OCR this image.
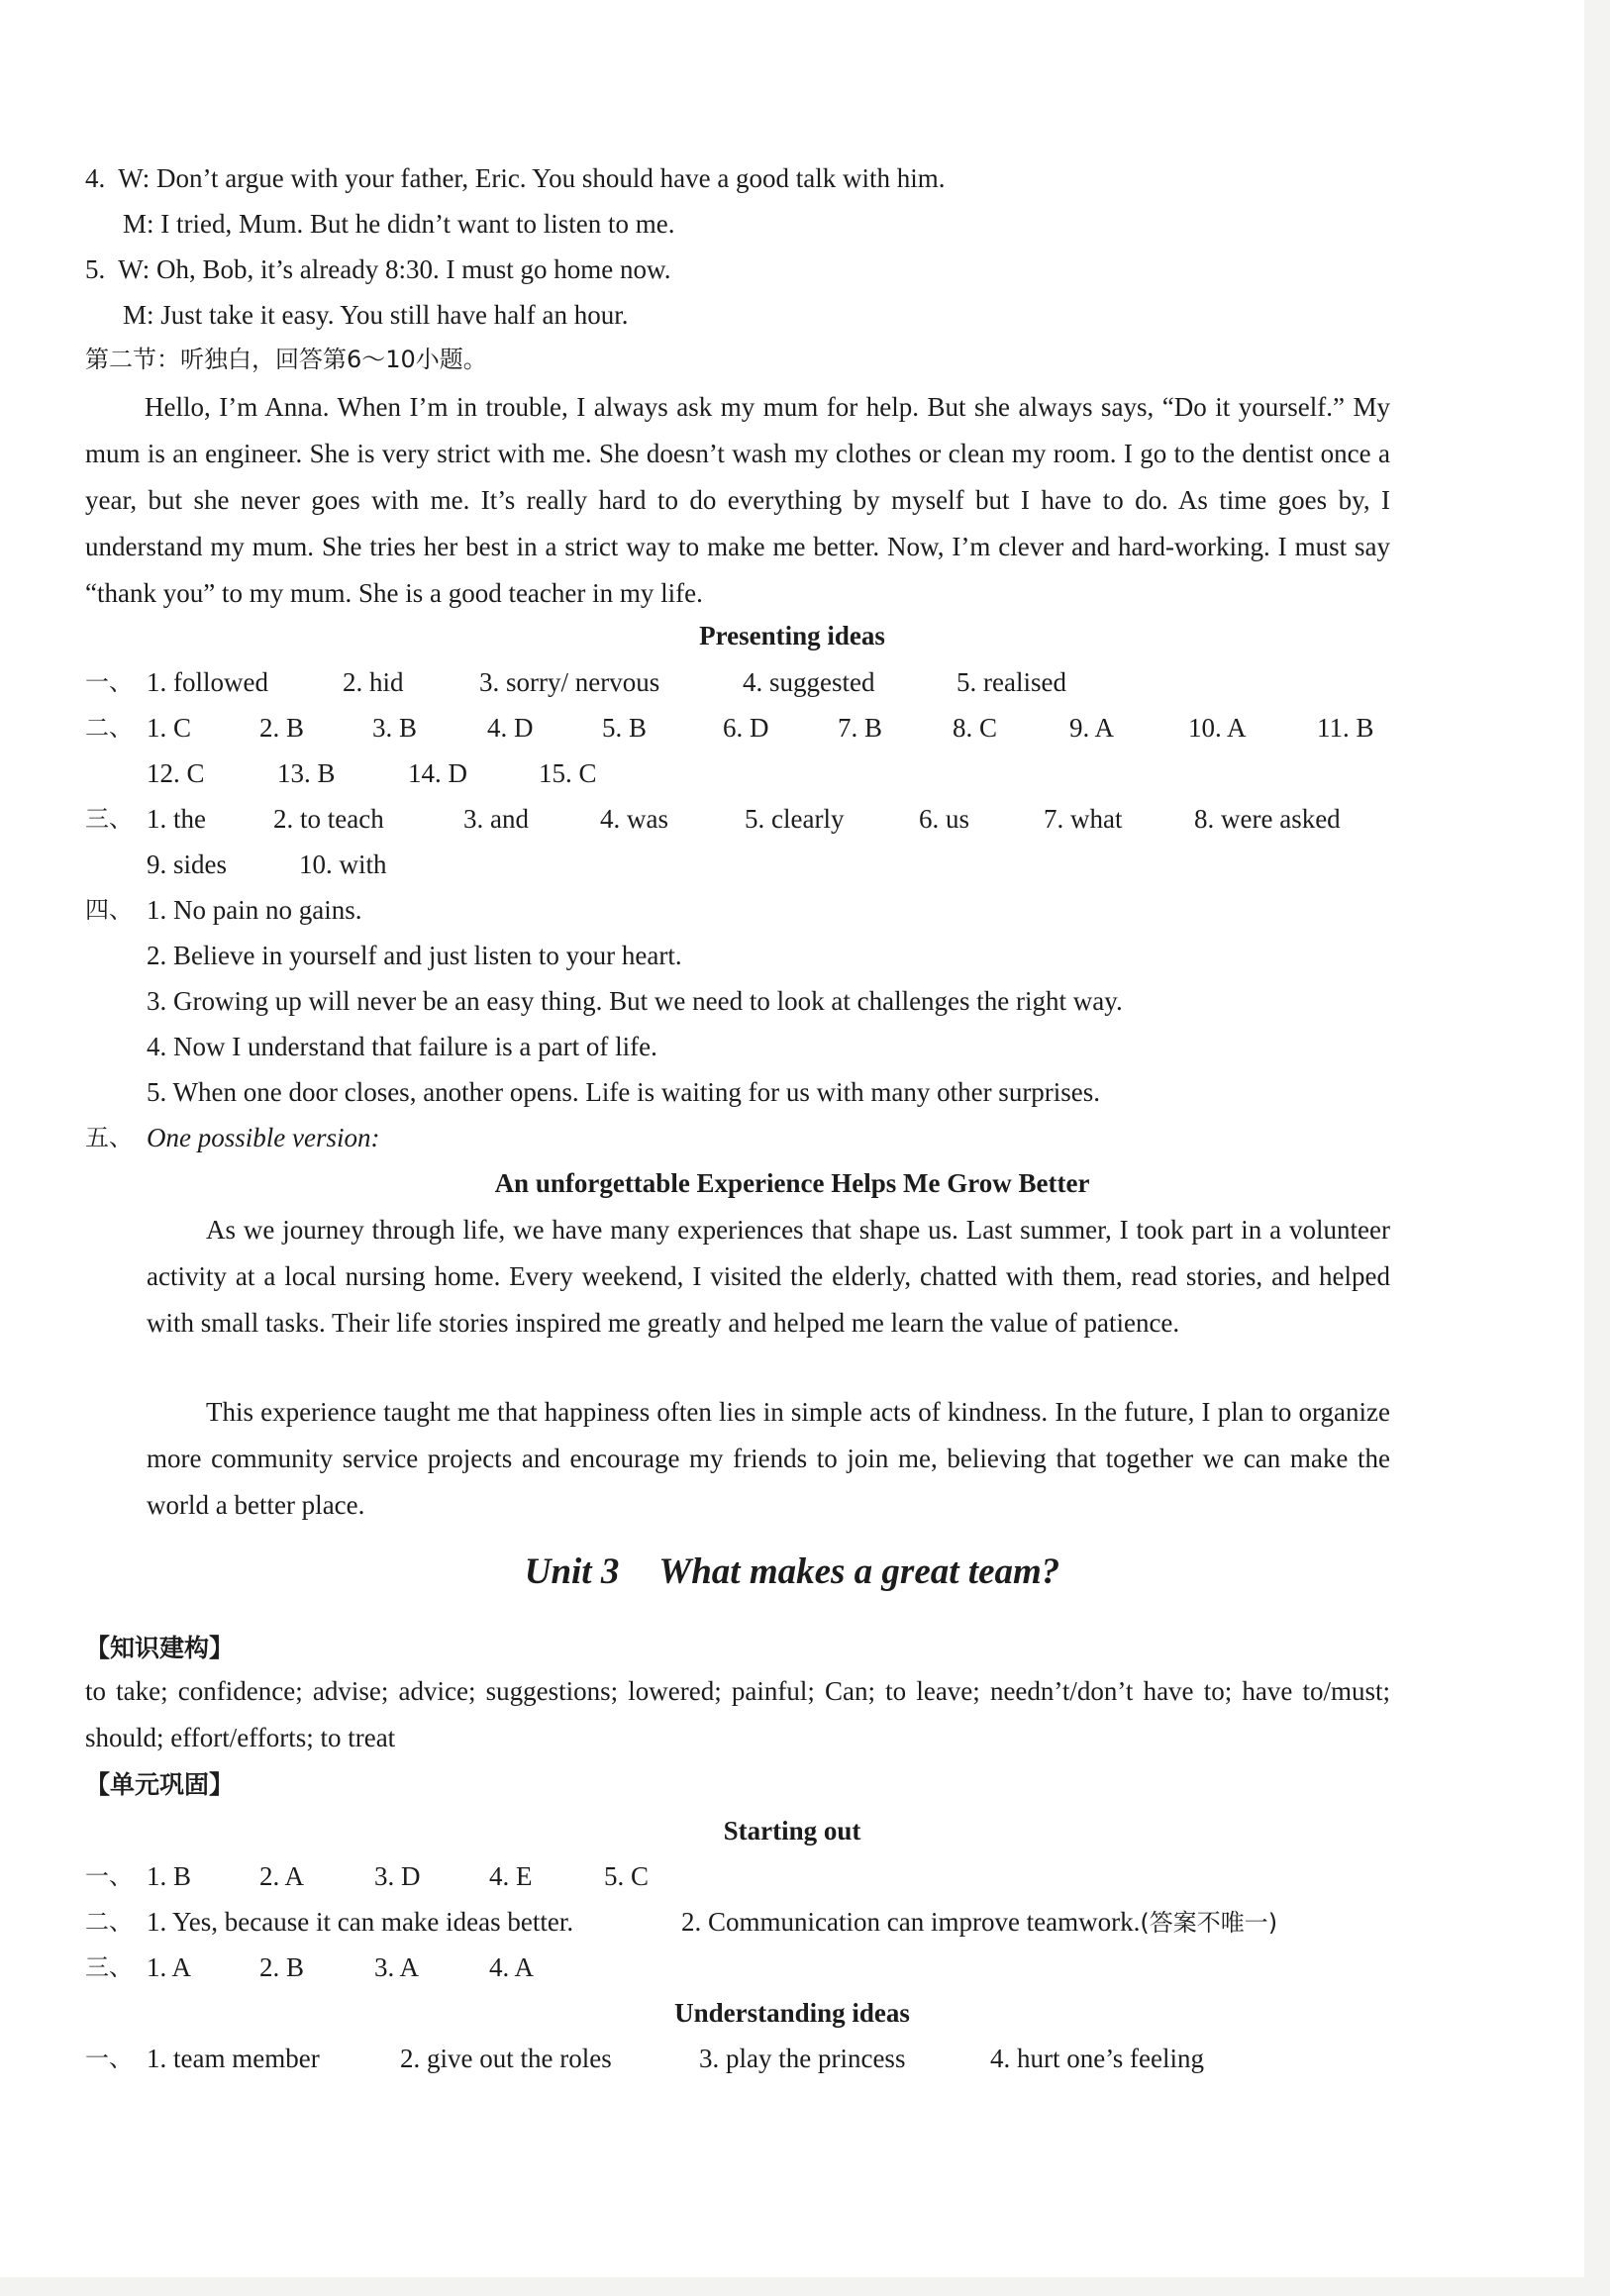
4. W: Don’t argue with your father, Eric. You should have a good talk with him.
M: I tried, Mum. But he didn’t want to listen to me.
5. W: Oh, Bob, it’s already 8:30. I must go home now.
M: Just take it easy. You still have half an hour.
第二节：听独白，回答第6～10小题。
Hello, I’m Anna. When I’m in trouble, I always ask my mum for help. But she always says, “Do it yourself.” My mum is an engineer. She is very strict with me. She doesn’t wash my clothes or clean my room. I go to the dentist once a year, but she never goes with me. It’s really hard to do everything by myself but I have to do. As time goes by, I understand my mum. She tries her best in a strict way to make me better. Now, I’m clever and hard-working. I must say “thank you” to my mum. She is a good teacher in my life.
Presenting ideas
一、 1. followed	2. hid	3. sorry/ nervous	4. suggested	5. realised
二、 1. C	2. B	3. B	4. D	5. B	6. D	7. B	8. C	9. A	10. A	11. B
12. C	13. B	14. D	15. C
三、 1. the	2. to teach	3. and	4. was	5. clearly	6. us	7. what	8. were asked
9. sides	10. with
四、 1. No pain no gains.
2. Believe in yourself and just listen to your heart.
3. Growing up will never be an easy thing. But we need to look at challenges the right way.
4. Now I understand that failure is a part of life.
5. When one door closes, another opens. Life is waiting for us with many other surprises.
五、 One possible version:
An unforgettable Experience Helps Me Grow Better
As we journey through life, we have many experiences that shape us. Last summer, I took part in a volunteer activity at a local nursing home. Every weekend, I visited the elderly, chatted with them, read stories, and helped with small tasks. Their life stories inspired me greatly and helped me learn the value of patience.
This experience taught me that happiness often lies in simple acts of kindness. In the future, I plan to organize more community service projects and encourage my friends to join me, believing that together we can make the world a better place.
Unit 3 What makes a great team?
【知识建构】
to take; confidence; advise; advice; suggestions; lowered; painful; Can; to leave; needn’t/don’t have to; have to/must; should; effort/efforts; to treat
【单元巩固】
Starting out
一、 1. B	2. A	3. D	4. E	5. C
二、 1. Yes, because it can make ideas better.	2. Communication can improve teamwork.(答案不唯一)
三、 1. A	2. B	3. A	4. A
Understanding ideas
一、 1. team member	2. give out the roles	3. play the princess	4. hurt one’s feeling
